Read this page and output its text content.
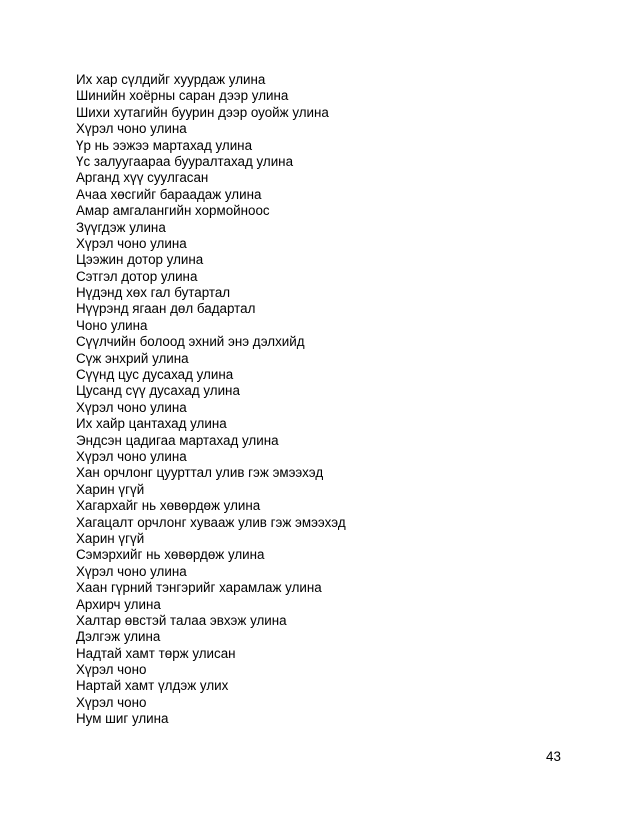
Их хар сүлдийг хуурдаж улина
Шинийн хоёрны саран дээр улина
Шихи хутагийн буурин дээр оуойж улина
Хүрэл чоно улина
Үр нь ээжээ мартахад улина
Үс залуугаараа бууралтахад улина
Арганд хүү суулгасан
Ачаа хөсгийг бараадаж улина
Амар амгалангийн хормойноос
Зүүгдэж улина
Хүрэл чоно улина
Цээжин дотор улина
Сэтгэл дотор улина
Нүдэнд хөх гал бутартал
Нүүрэнд ягаан дөл бадартал
Чоно улина
Сүүлчийн болоод эхний энэ дэлхийд
Сүж энхрий улина
Сүүнд цус дусахад улина
Цусанд сүү дусахад улина
Хүрэл чоно улина
Их хайр цантахад улина
Эндсэн цадигаа мартахад улина
Хүрэл чоно улина
Хан орчлонг цуурттал улив гэж эмээхэд
Харин үгүй
Хагархайг нь хөвөрдөж улина
Хагацалт орчлонг хувааж улив гэж эмээхэд
Харин үгүй
Сэмэрхийг нь хөвөрдөж улина
Хүрэл чоно улина
Хаан гүрний тэнгэрийг харамлаж улина
Архирч улина
Халтар өвстэй талаа эвхэж улина
Дэлгэж улина
Надтай хамт төрж улисан
Хүрэл чоно
Нартай хамт үлдэж улих
Хүрэл чоно
Нум шиг улина
43
